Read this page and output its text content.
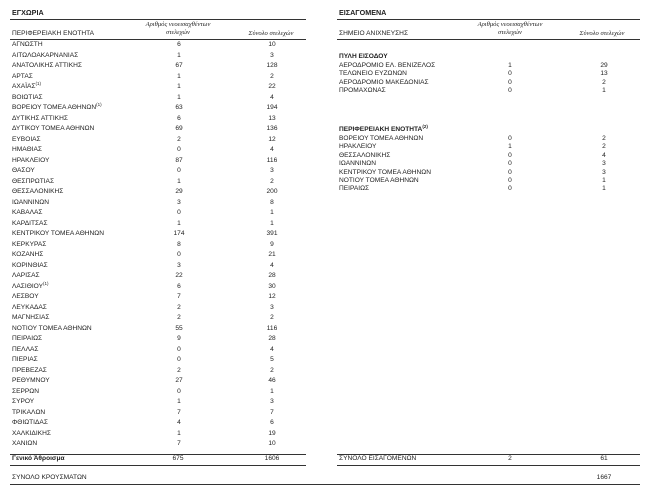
ΕΓΧΩΡΙΑ
Αριθμός νεοεισαχθέντων
στελεχών
ΠΕΡΙΦΕΡΕΙΑΚΗ ΕΝΟΤΗΤΑ	Σύνολο στελεχών
ΑΓΝΩΣΤΗ	6	10
ΑΙΤΩΛΟΑΚΑΡΝΑΝΙΑΣ	1	3
ΑΝΑΤΟΛΙΚΗΣ ΑΤΤΙΚΗΣ	67	128
ΑΡΤΑΣ	1	2
ΑΧΑΪΑΣ$^{(1)}$	1	22
ΒΟΙΩΤΙΑΣ	1	4
ΒΟΡΕΙΟΥ ΤΟΜΕΑ ΑΘΗΝΩΝ$^{(1)}$	63	194
ΔΥΤΙΚΗΣ ΑΤΤΙΚΗΣ	6	13
ΔΥΤΙΚΟΥ ΤΟΜΕΑ ΑΘΗΝΩΝ	69	136
ΕΥΒΟΙΑΣ	2	12
ΗΜΑΘΙΑΣ	0	4
ΗΡΑΚΛΕΙΟΥ	87	116
ΘΑΣΟΥ	0	3
ΘΕΣΠΡΩΤΙΑΣ	1	2
ΘΕΣΣΑΛΟΝΙΚΗΣ	29	200
ΙΩΑΝΝΙΝΩΝ	3	8
ΚΑΒΑΛΑΣ	0	1
ΚΑΡΔΙΤΣΑΣ	1	1
ΚΕΝΤΡΙΚΟΥ ΤΟΜΕΑ ΑΘΗΝΩΝ	174	391
ΚΕΡΚΥΡΑΣ	8	9
ΚΟΖΑΝΗΣ	0	21
ΚΟΡΙΝΘΙΑΣ	3	4
ΛΑΡΙΣΑΣ	22	28
ΛΑΣΙΘΙΟΥ$^{(1)}$	6	30
ΛΕΣΒΟΥ	7	12
ΛΕΥΚΑΔΑΣ	2	3
ΜΑΓΝΗΣΙΑΣ	2	2
ΝΟΤΙΟΥ ΤΟΜΕΑ ΑΘΗΝΩΝ	55	116
ΠΕΙΡΑΙΩΣ	9	28
ΠΕΛΛΑΣ	0	4
ΠΙΕΡΙΑΣ	0	5
ΠΡΕΒΕΖΑΣ	2	2
ΡΕΘΥΜΝΟΥ	27	46
ΣΕΡΡΩΝ	0	1
ΣΥΡΟΥ	1	3
ΤΡΙΚΑΛΩΝ	7	7
ΦΘΙΩΤΙΔΑΣ	4	6
ΧΑΛΚΙΔΙΚΗΣ	1	19
ΧΑΝΙΩΝ	7	10
Γενικό Άθροισμα	675	1606
ΕΙΣΑΓΟΜΕΝΑ
Αριθμός νεοεισαχθέντων
στελεχών
ΣΗΜΕΙΟ ΑΝΙΧΝΕΥΣΗΣ	Σύνολο στελεχών
ΠΥΛΗ ΕΙΣΟΔΟΥ
ΑΕΡΟΔΡΟΜΙΟ ΕΛ. ΒΕΝΙΖΕΛΟΣ	1	29
ΤΕΛΩΝΕΙΟ ΕΥΖΩΝΩΝ	0	13
ΑΕΡΟΔΡΟΜΙΟ ΜΑΚΕΔΟΝΙΑΣ	0	2
ΠΡΟΜΑΧΩΝΑΣ	0	1
ΠΕΡΙΦΕΡΕΙΑΚΗ ΕΝΟΤΗΤΑ$^{(2)}$
ΒΟΡΕΙΟΥ ΤΟΜΕΑ ΑΘΗΝΩΝ	0	2
ΗΡΑΚΛΕΙΟΥ	1	2
ΘΕΣΣΑΛΟΝΙΚΗΣ	0	4
ΙΩΑΝΝΙΝΩΝ	0	3
ΚΕΝΤΡΙΚΟΥ ΤΟΜΕΑ ΑΘΗΝΩΝ	0	3
ΝΟΤΙΟΥ ΤΟΜΕΑ ΑΘΗΝΩΝ	0	1
ΠΕΙΡΑΙΩΣ	0	1
ΣΥΝΟΛΟ ΕΙΣΑΓΟΜΕΝΩΝ	2	61
ΣΥΝΟΛΟ ΚΡΟΥΣΜΑΤΩΝ	1667
